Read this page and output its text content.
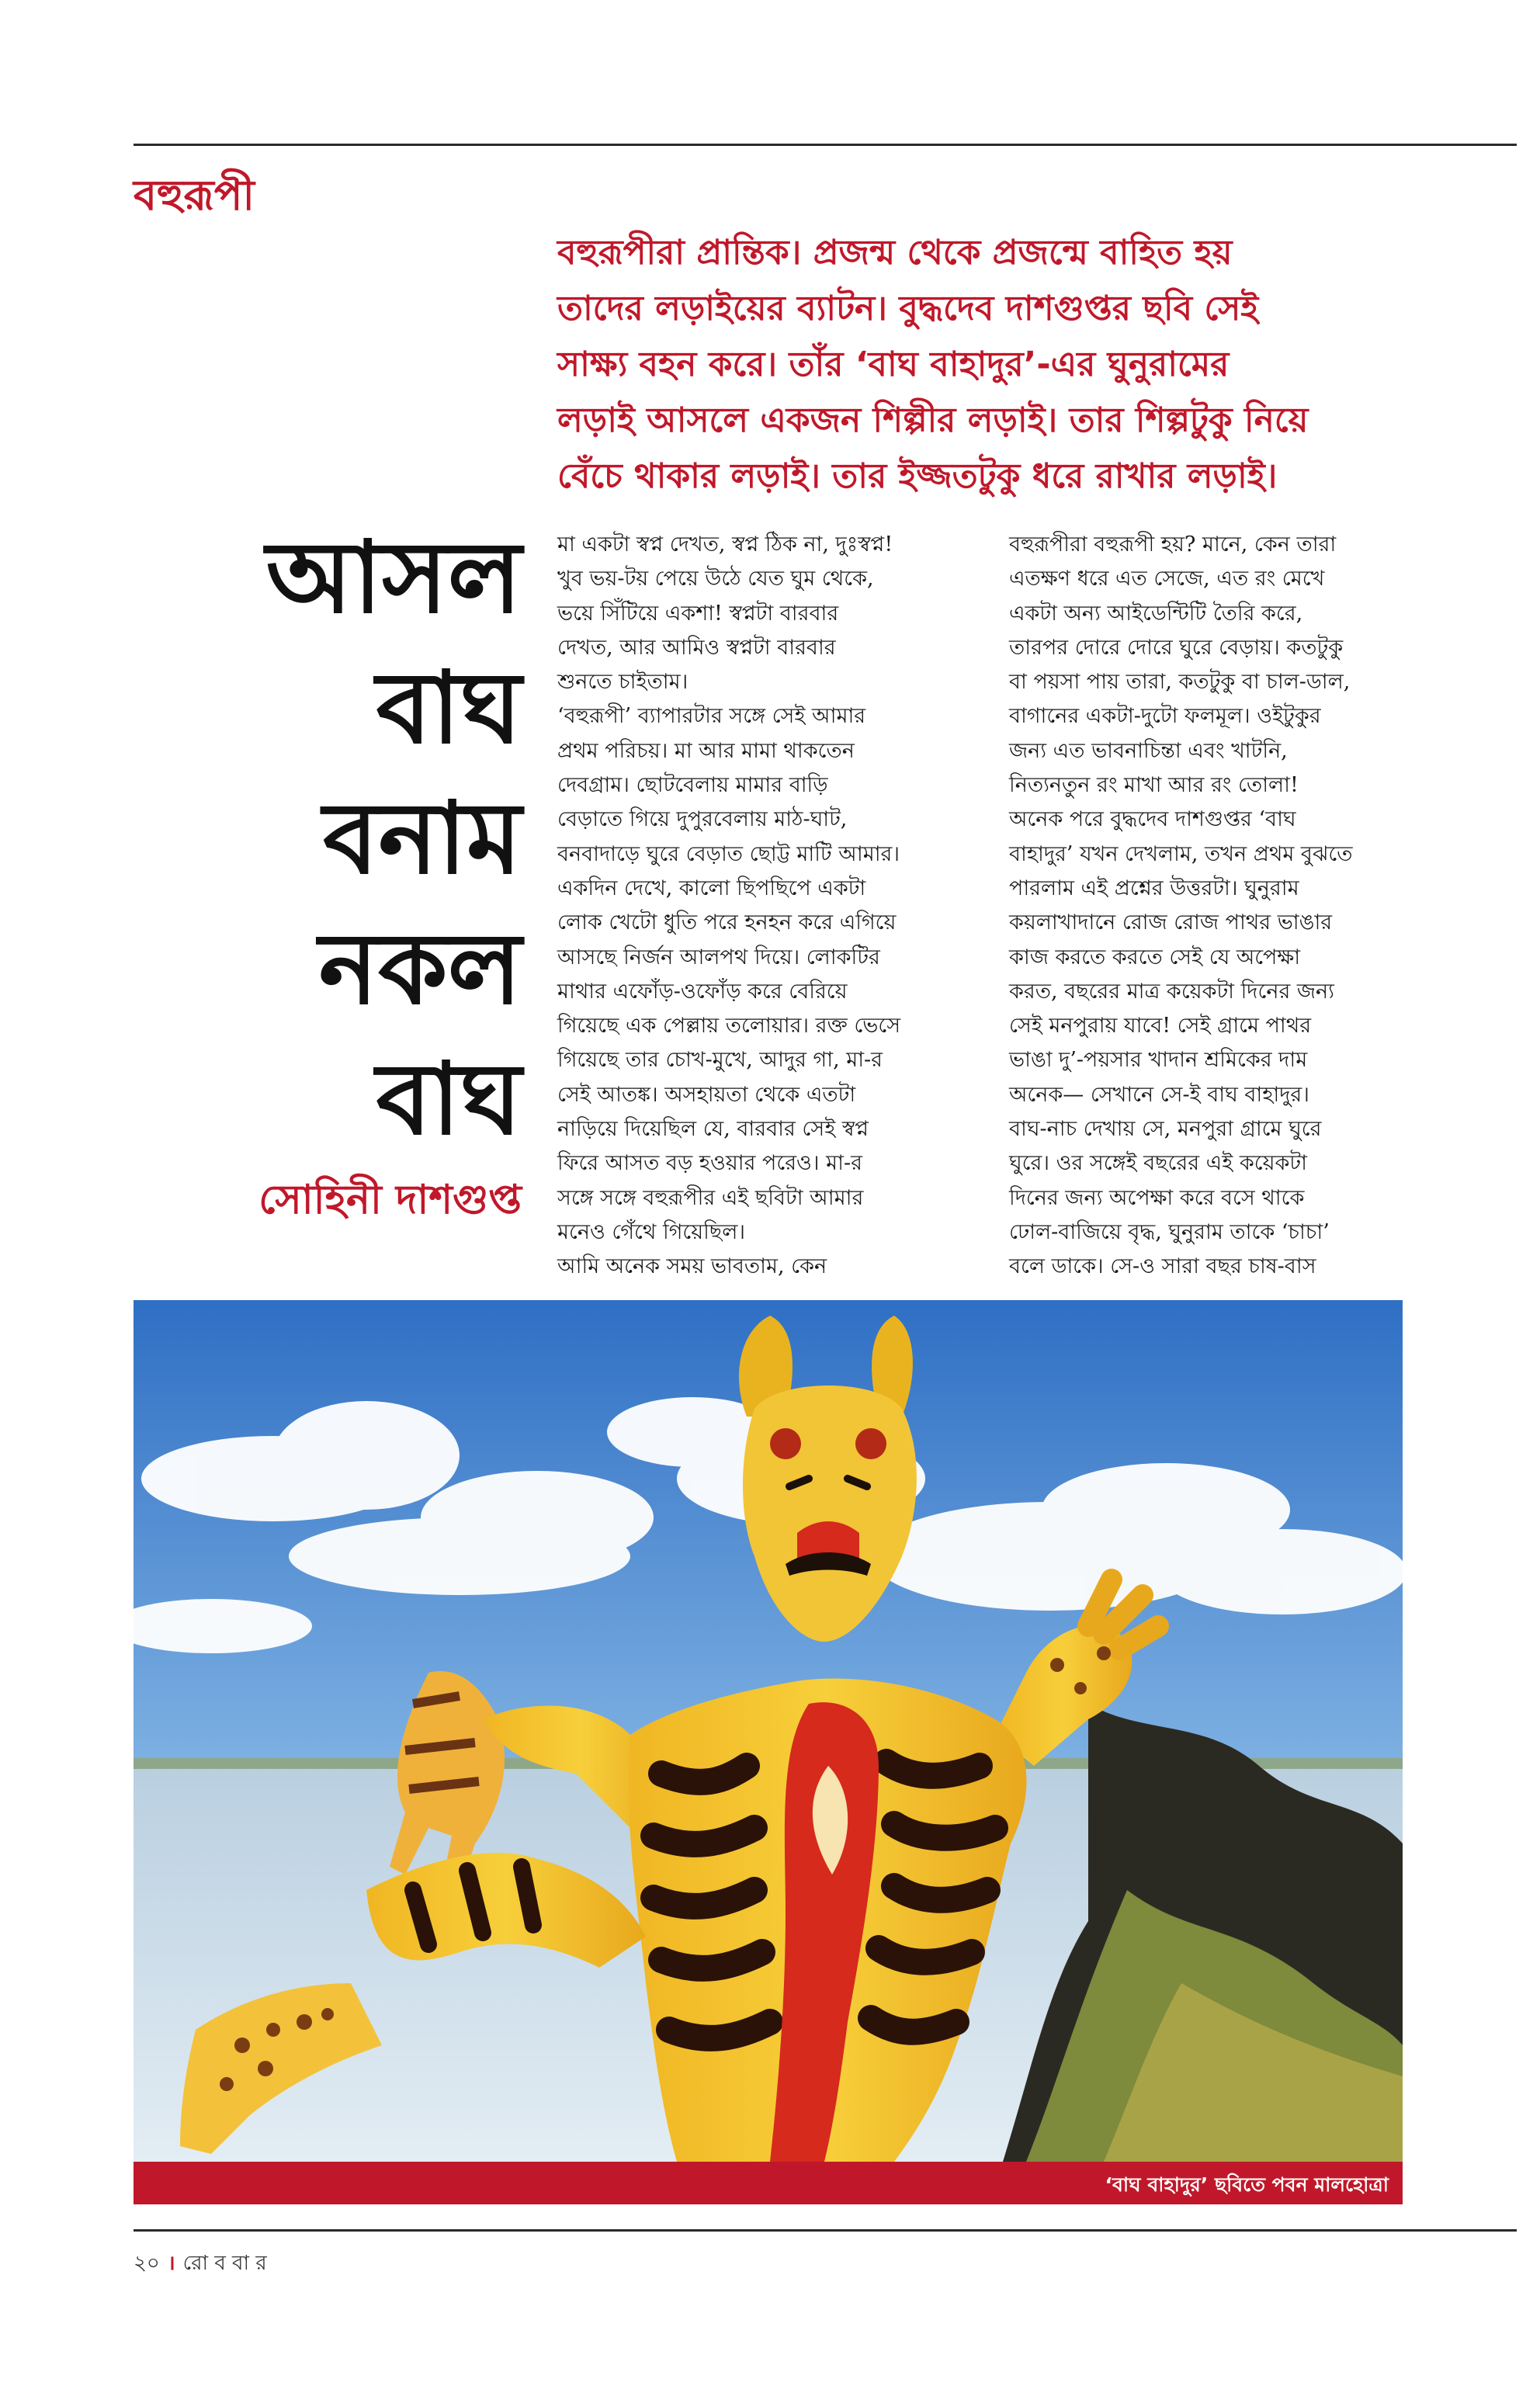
বহুরূপী
বহুরূপীরা প্রান্তিক। প্রজন্ম থেকে প্রজন্মে বাহিত হয়
তাদের লড়াইয়ের ব্যাটন। বুদ্ধদেব দাশগুপ্তর ছবি সেই
সাক্ষ্য বহন করে। তাঁর ‘বাঘ বাহাদুর’-এর ঘুনুরামের
লড়াই আসলে একজন শিল্পীর লড়াই। তার শিল্পটুকু নিয়ে
বেঁচে থাকার লড়াই। তার ইজ্জতটুকু ধরে রাখার লড়াই।
আসল
বাঘ
বনাম
নকল
বাঘ
সোহিনী দাশগুপ্ত
মা একটা স্বপ্ন দেখত, স্বপ্ন ঠিক না, দুঃস্বপ্ন!
খুব ভয়-টয় পেয়ে উঠে যেত ঘুম থেকে,
ভয়ে সিঁটিয়ে একশা! স্বপ্নটা বারবার
দেখত, আর আমিও স্বপ্নটা বারবার
শুনতে চাইতাম।
‘বহুরূপী’ ব্যাপারটার সঙ্গে সেই আমার
প্রথম পরিচয়। মা আর মামা থাকতেন
দেবগ্রাম। ছোটবেলায় মামার বাড়ি
বেড়াতে গিয়ে দুপুরবেলায় মাঠ-ঘাট,
বনবাদাড়ে ঘুরে বেড়াত ছোট্ট মাটি আমার।
একদিন দেখে, কালো ছিপছিপে একটা
লোক খেটো ধুতি পরে হনহন করে এগিয়ে
আসছে নির্জন আলপথ দিয়ে। লোকটির
মাথার এফোঁড়-ওফোঁড় করে বেরিয়ে
গিয়েছে এক পেল্লায় তলোয়ার। রক্ত ভেসে
গিয়েছে তার চোখ-মুখে, আদুর গা, মা-র
সেই আতঙ্ক। অসহায়তা থেকে এতটা
নাড়িয়ে দিয়েছিল যে, বারবার সেই স্বপ্ন
ফিরে আসত বড় হওয়ার পরেও। মা-র
সঙ্গে সঙ্গে বহুরূপীর এই ছবিটা আমার
মনেও গেঁথে গিয়েছিল।
আমি অনেক সময় ভাবতাম, কেন
বহুরূপীরা বহুরূপী হয়? মানে, কেন তারা
এতক্ষণ ধরে এত সেজে, এত রং মেখে
একটা অন্য আইডেন্টিটি তৈরি করে,
তারপর দোরে দোরে ঘুরে বেড়ায়। কতটুকু
বা পয়সা পায় তারা, কতটুকু বা চাল-ডাল,
বাগানের একটা-দুটো ফলমূল। ওইটুকুর
জন্য এত ভাবনাচিন্তা এবং খাটনি,
নিত্যনতুন রং মাখা আর রং তোলা!
অনেক পরে বুদ্ধদেব দাশগুপ্তর ‘বাঘ
বাহাদুর’ যখন দেখলাম, তখন প্রথম বুঝতে
পারলাম এই প্রশ্নের উত্তরটা। ঘুনুরাম
কয়লাখাদানে রোজ রোজ পাথর ভাঙার
কাজ করতে করতে সেই যে অপেক্ষা
করত, বছরের মাত্র কয়েকটা দিনের জন্য
সেই মনপুরায় যাবে! সেই গ্রামে পাথর
ভাঙা দু’-পয়সার খাদান শ্রমিকের দাম
অনেক— সেখানে সে-ই বাঘ বাহাদুর।
বাঘ-নাচ দেখায় সে, মনপুরা গ্রামে ঘুরে
ঘুরে। ওর সঙ্গেই বছরের এই কয়েকটা
দিনের জন্য অপেক্ষা করে বসে থাকে
ঢোল-বাজিয়ে বৃদ্ধ, ঘুনুরাম তাকে ‘চাচা’
বলে ডাকে। সে-ও সারা বছর চাষ-বাস
‘বাঘ বাহাদুর’ ছবিতে পবন মালহোত্রা
২০ । রো ব বা র
